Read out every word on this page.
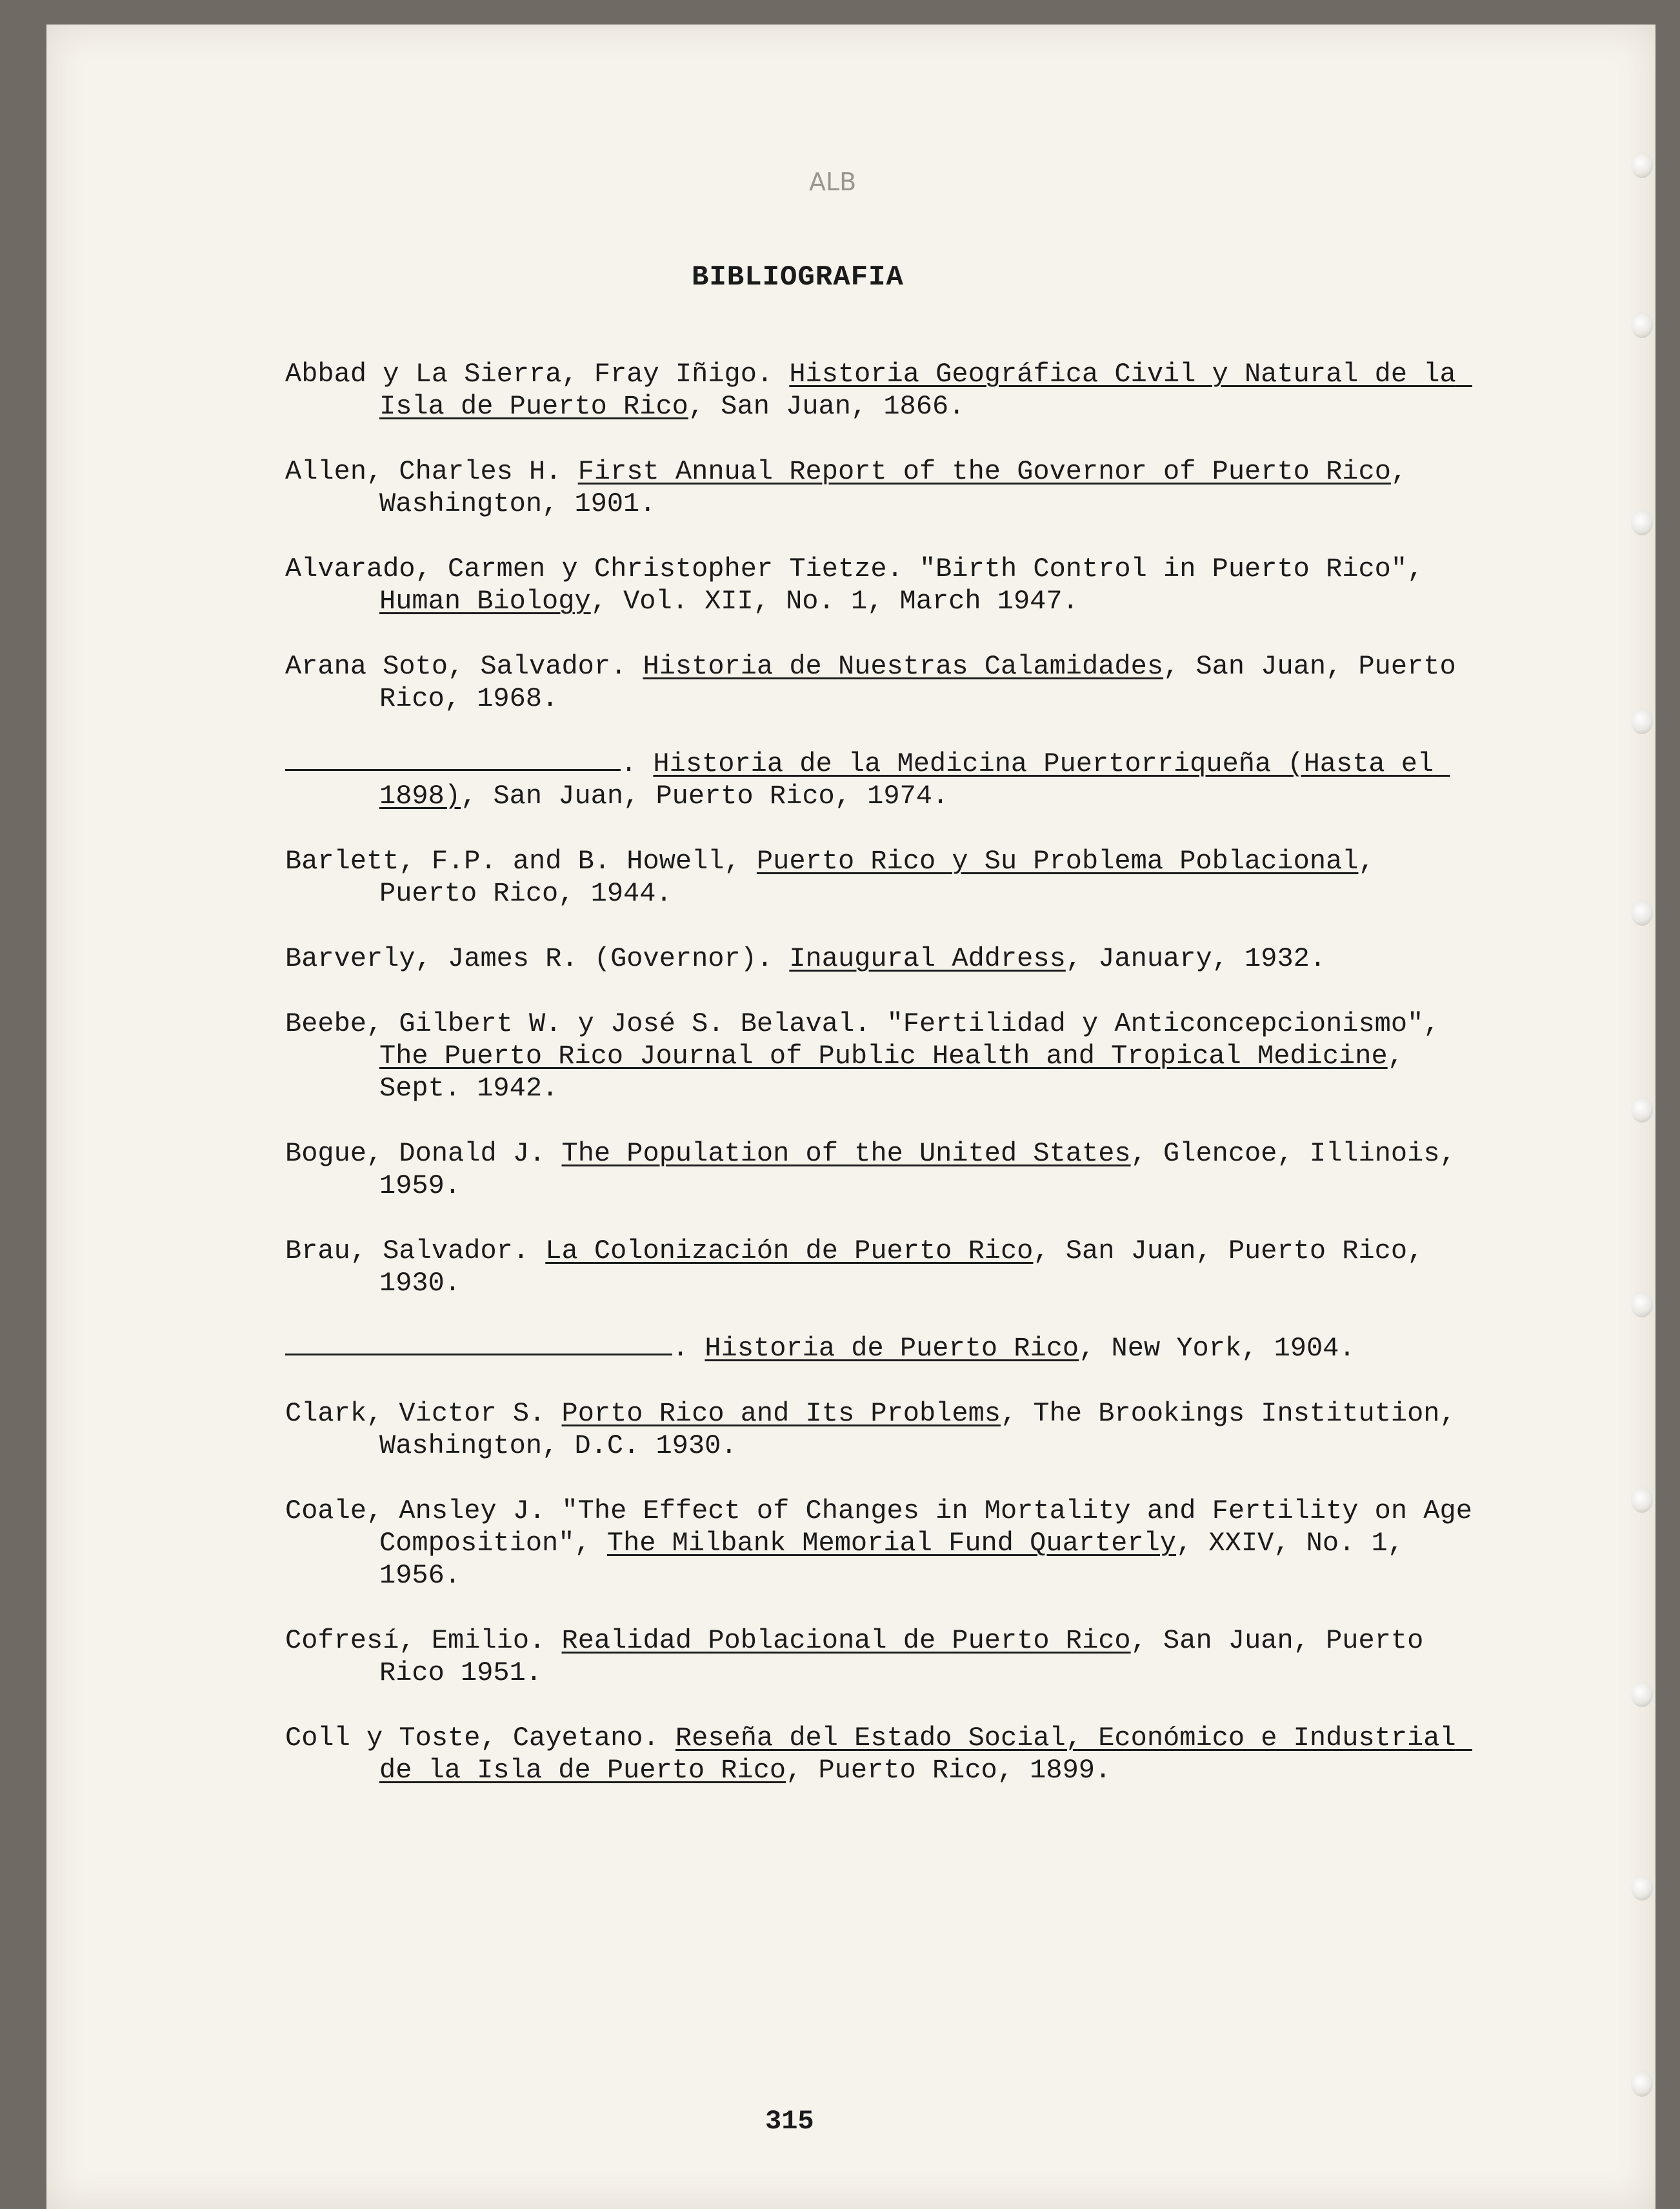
ALB
BIBLIOGRAFIA
Abbad y La Sierra, Fray Iñigo. Historia Geográfica Civil y Natural de la Isla de Puerto Rico, San Juan, 1866.
Allen, Charles H. First Annual Report of the Governor of Puerto Rico, Washington, 1901.
Alvarado, Carmen y Christopher Tietze. "Birth Control in Puerto Rico", Human Biology, Vol. XII, No. 1, March 1947.
Arana Soto, Salvador. Historia de Nuestras Calamidades, San Juan, Puerto Rico, 1968.
. Historia de la Medicina Puertorriqueña (Hasta el 1898), San Juan, Puerto Rico, 1974.
Barlett, F.P. and B. Howell, Puerto Rico y Su Problema Poblacional, Puerto Rico, 1944.
Barverly, James R. (Governor). Inaugural Address, January, 1932.
Beebe, Gilbert W. y José S. Belaval. "Fertilidad y Anticoncepcionismo", The Puerto Rico Journal of Public Health and Tropical Medicine, Sept. 1942.
Bogue, Donald J. The Population of the United States, Glencoe, Illinois, 1959.
Brau, Salvador. La Colonización de Puerto Rico, San Juan, Puerto Rico, 1930.
. Historia de Puerto Rico, New York, 1904.
Clark, Victor S. Porto Rico and Its Problems, The Brookings Institution, Washington, D.C. 1930.
Coale, Ansley J. "The Effect of Changes in Mortality and Fertility on Age Composition", The Milbank Memorial Fund Quarterly, XXIV, No. 1, 1956.
Cofresí, Emilio. Realidad Poblacional de Puerto Rico, San Juan, Puerto Rico 1951.
Coll y Toste, Cayetano. Reseña del Estado Social, Económico e Industrial de la Isla de Puerto Rico, Puerto Rico, 1899.
315
